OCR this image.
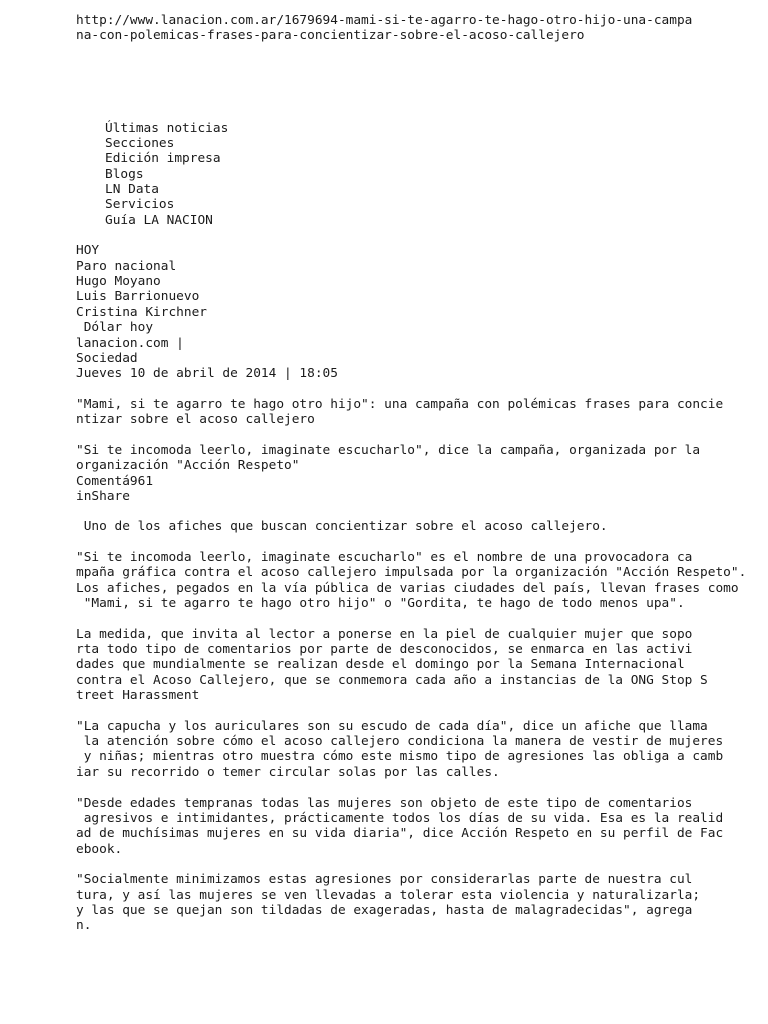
http://www.lanacion.com.ar/1679694-mami-si-te-agarro-te-hago-otro-hijo-una-campa
na-con-polemicas-frases-para-concientizar-sobre-el-acoso-callejero
Últimas noticias
Secciones
Edición impresa
Blogs
LN Data
Servicios
Guía LA NACION
HOY
Paro nacional
Hugo Moyano
Luis Barrionuevo
Cristina Kirchner
Dólar hoy
lanacion.com |
Sociedad
Jueves 10 de abril de 2014 | 18:05
"Mami, si te agarro te hago otro hijo": una campaña con polémicas frases para concie
ntizar sobre el acoso callejero
"Si te incomoda leerlo, imaginate escucharlo", dice la campaña, organizada por la
organización "Acción Respeto"
Comentá961
inShare
Uno de los afiches que buscan concientizar sobre el acoso callejero.
"Si te incomoda leerlo, imaginate escucharlo" es el nombre de una provocadora ca
mpaña gráfica contra el acoso callejero impulsada por la organización "Acción Respeto".
Los afiches, pegados en la vía pública de varias ciudades del país, llevan frases como
"Mami, si te agarro te hago otro hijo" o "Gordita, te hago de todo menos upa".
La medida, que invita al lector a ponerse en la piel de cualquier mujer que sopo
rta todo tipo de comentarios por parte de desconocidos, se enmarca en las activi
dades que mundialmente se realizan desde el domingo por la Semana Internacional
contra el Acoso Callejero, que se conmemora cada año a instancias de la ONG Stop S
treet Harassment
"La capucha y los auriculares son su escudo de cada día", dice un afiche que llama
la atención sobre cómo el acoso callejero condiciona la manera de vestir de mujeres
y niñas; mientras otro muestra cómo este mismo tipo de agresiones las obliga a camb
iar su recorrido o temer circular solas por las calles.
"Desde edades tempranas todas las mujeres son objeto de este tipo de comentarios
agresivos e intimidantes, prácticamente todos los días de su vida. Esa es la realid
ad de muchísimas mujeres en su vida diaria", dice Acción Respeto en su perfil de Fac
ebook.
"Socialmente minimizamos estas agresiones por considerarlas parte de nuestra cul
tura, y así las mujeres se ven llevadas a tolerar esta violencia y naturalizarla;
y las que se quejan son tildadas de exageradas, hasta de malagradecidas", agrega
n.
